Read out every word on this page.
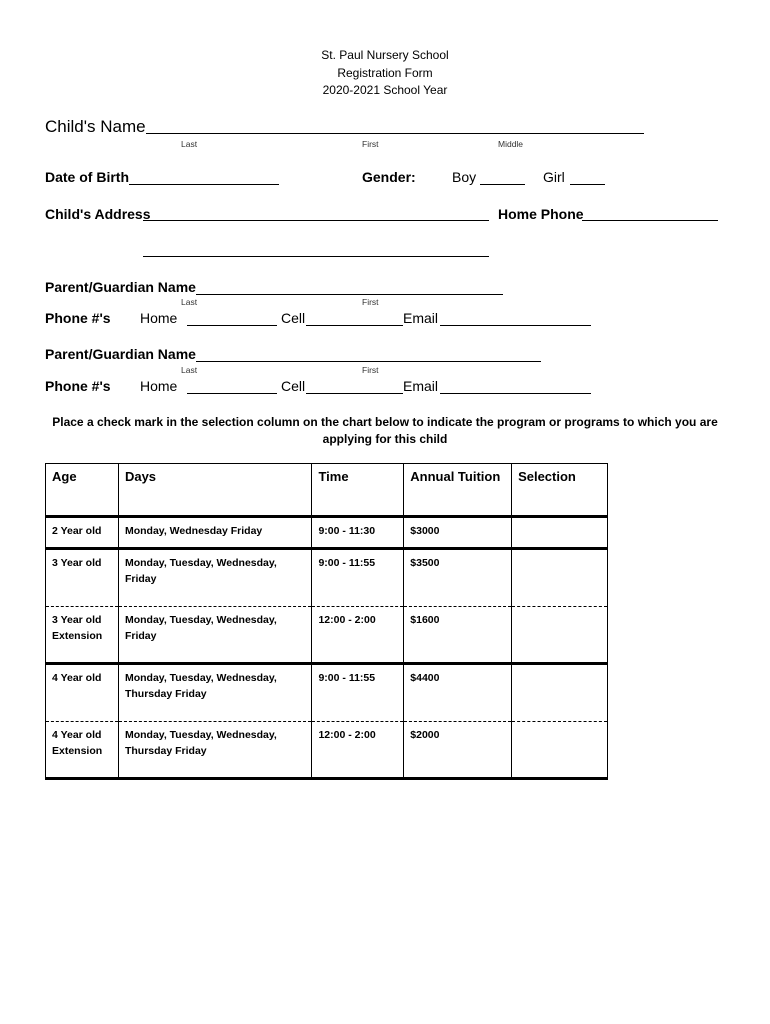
St. Paul Nursery School
Registration Form
2020-2021 School Year
Child's Name
Last	First	Middle
Date of Birth	Gender:	Boy	Girl
Child's Address	Home Phone
Parent/Guardian Name
Last	First
Phone #'s Home	Cell	Email
Parent/Guardian Name
Last	First
Phone #'s Home	Cell	Email
Place a check mark in the selection column on the chart below to indicate the program or programs to which you are applying for this child
Age	Days	Time	Annual Tuition	Selection
2 Year old	Monday, Wednesday Friday	9:00 - 11:30	$3000	
3 Year old	Monday, Tuesday, Wednesday, Friday	9:00 - 11:55	$3500	
3 Year old Extension	Monday, Tuesday, Wednesday, Friday	12:00 - 2:00	$1600	
4 Year old	Monday, Tuesday, Wednesday, Thursday Friday	9:00 - 11:55	$4400	
4 Year old Extension	Monday, Tuesday, Wednesday, Thursday Friday	12:00 - 2:00	$2000	
